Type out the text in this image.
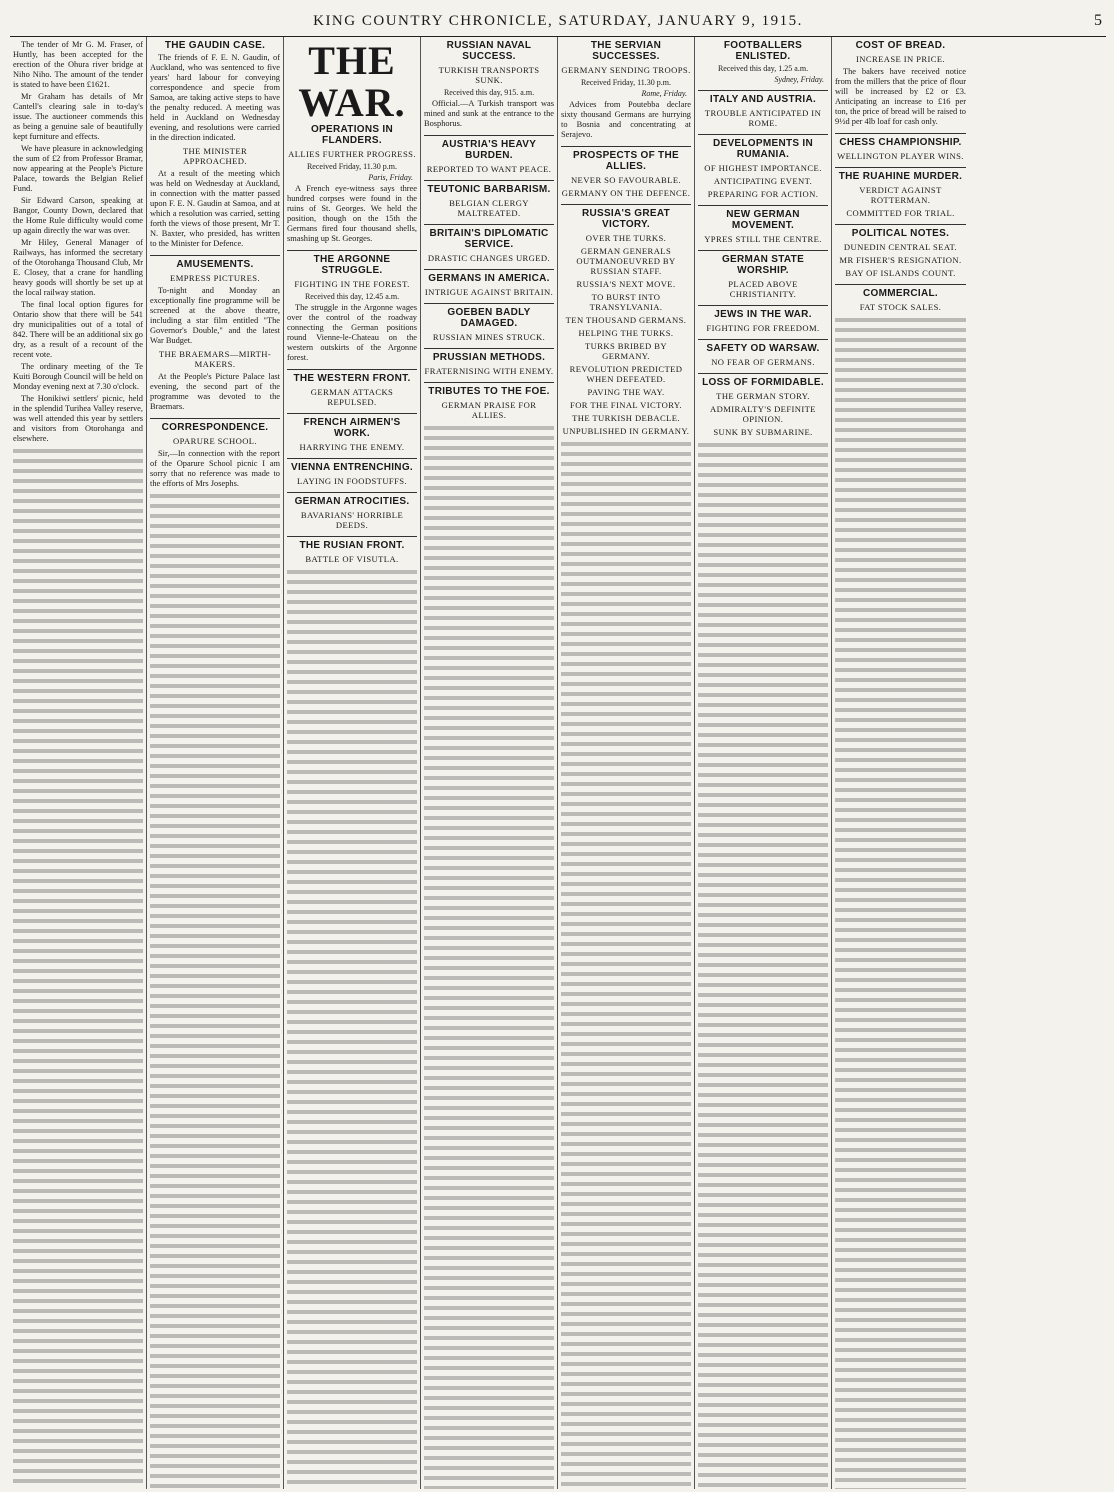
KING COUNTRY CHRONICLE, SATURDAY, JANUARY 9, 1915.	5

The tender of Mr G. M. Fraser, of Huntly, has been accepted for the erection of the Ohura river bridge at Niho Niho. The amount of the tender is stated to have been £1621.

Mr Graham has details of Mr Cantell's clearing sale in to-day's issue. The auctioneer commends this as being a genuine sale of beautifully kept furniture and effects.

We have pleasure in acknowledging the sum of £2 from Professor Bramar, now appearing at the People's Picture Palace, towards the Belgian Relief Fund.

Sir Edward Carson, speaking at Bangor, County Down, declared that the Home Rule difficulty would come up again directly the war was over.

Mr Hiley, General Manager of Railways, has informed the secretary of the Otorohanga Thousand Club, Mr E. Closey, that a crane for handling heavy goods will shortly be set up at the local railway station.

The final local option figures for Ontario show that there will be 541 dry municipalities out of a total of 842. There will be an additional six go dry, as a result of a recount of the recent vote.

The ordinary meeting of the Te Kuiti Borough Council will be held on Monday evening next at 7.30 o'clock.

The Honikiwi settlers' picnic, held in the splendid Turihea Valley reserve, was well attended this year by settlers and visitors from Otorohanga and elsewhere.

THE GAUDIN CASE.

The friends of F. E. N. Gaudin, of Auckland, who was sentenced to five years' hard labour for conveying correspondence and specie from Samoa, are taking active steps to have the penalty reduced. A meeting was held in Auckland on Wednesday evening, and resolutions were carried in the direction indicated.

THE MINISTER APPROACHED.

At a result of the meeting which was held on Wednesday at Auckland, in connection with the matter passed upon F. E. N. Gaudin at Samoa, and at which a resolution was carried, setting forth the views of those present, Mr T. N. Baxter, who presided, has written to the Minister for Defence.

AMUSEMENTS.
EMPRESS PICTURES.

To-night and Monday an exceptionally fine programme will be screened at the above theatre, including a star film entitled "The Governor's Double," and the latest War Budget.

THE BRAEMARS—MIRTH-MAKERS.

At the People's Picture Palace last evening, the second part of the programme was devoted to the Braemars.

CORRESPONDENCE.
OPARURE SCHOOL.

Sir,—In connection with the report of the Oparure School picnic I am sorry that no reference was made to the efforts of Mrs Josephs.

THE WAR.
OPERATIONS IN FLANDERS.
ALLIES FURTHER PROGRESS.
Received Friday, 11.30 p.m.
Paris, Friday.

A French eye-witness says three hundred corpses were found in the ruins of St. Georges. We held the position, though on the 15th the Germans fired four thousand shells, smashing up St. Georges.

THE ARGONNE STRUGGLE.
FIGHTING IN THE FOREST.
Received this day, 12.45 a.m.

The struggle in the Argonne wages over the control of the roadway connecting the German positions round Vienne-le-Chateau on the western outskirts of the Argonne forest.

THE WESTERN FRONT.
GERMAN ATTACKS REPULSED.
FRENCH AIRMEN'S WORK.
HARRYING THE ENEMY.
VIENNA ENTRENCHING.
LAYING IN FOODSTUFFS.
GERMAN ATROCITIES.
BAVARIANS' HORRIBLE DEEDS.
THE RUSIAN FRONT.
BATTLE OF VISUTLA.
RUSSIAN NAVAL SUCCESS.
TURKISH TRANSPORTS SUNK.
Received this day, 915. a.m.

Official.—A Turkish transport was mined and sunk at the entrance to the Bosphorus.

AUSTRIA'S HEAVY BURDEN.
REPORTED TO WANT PEACE.
TEUTONIC BARBARISM.
BELGIAN CLERGY MALTREATED.
BRITAIN'S DIPLOMATIC SERVICE.
DRASTIC CHANGES URGED.
GERMANS IN AMERICA.
INTRIGUE AGAINST BRITAIN.
GOEBEN BADLY DAMAGED.
RUSSIAN MINES STRUCK.
PRUSSIAN METHODS.
FRATERNISING WITH ENEMY.
TRIBUTES TO THE FOE.
GERMAN PRAISE FOR ALLIES.
THE SERVIAN SUCCESSES.
GERMANY SENDING TROOPS.
Received Friday, 11.30 p.m.
Rome, Friday.

Advices from Poutebba declare sixty thousand Germans are hurrying to Bosnia and concentrating at Serajevo.

PROSPECTS OF THE ALLIES.
NEVER SO FAVOURABLE.
GERMANY ON THE DEFENCE.
RUSSIA'S GREAT VICTORY.
OVER THE TURKS.
GERMAN GENERALS OUTMANOEUVRED BY RUSSIAN STAFF.
RUSSIA'S NEXT MOVE.
TO BURST INTO TRANSYLVANIA.
TEN THOUSAND GERMANS.
HELPING THE TURKS.
TURKS BRIBED BY GERMANY.
REVOLUTION PREDICTED WHEN DEFEATED.
PAVING THE WAY.
FOR THE FINAL VICTORY.
THE TURKISH DEBACLE.
UNPUBLISHED IN GERMANY.
FOOTBALLERS ENLISTED.
Received this day, 1.25 a.m.
Sydney, Friday.
ITALY AND AUSTRIA.
TROUBLE ANTICIPATED IN ROME.
DEVELOPMENTS IN RUMANIA.
OF HIGHEST IMPORTANCE.
ANTICIPATING EVENT.
PREPARING FOR ACTION.
NEW GERMAN MOVEMENT.
YPRES STILL THE CENTRE.
GERMAN STATE WORSHIP.
PLACED ABOVE CHRISTIANITY.
JEWS IN THE WAR.
FIGHTING FOR FREEDOM.
SAFETY OD WARSAW.
NO FEAR OF GERMANS.
LOSS OF FORMIDABLE.
THE GERMAN STORY.
ADMIRALTY'S DEFINITE OPINION.
SUNK BY SUBMARINE.
COST OF BREAD.
INCREASE IN PRICE.

The bakers have received notice from the millers that the price of flour will be increased by £2 or £3. Anticipating an increase to £16 per ton, the price of bread will be raised to 9½d per 4lb loaf for cash only.

CHESS CHAMPIONSHIP.
WELLINGTON PLAYER WINS.
THE RUAHINE MURDER.
VERDICT AGAINST ROTTERMAN.
COMMITTED FOR TRIAL.
POLITICAL NOTES.
DUNEDIN CENTRAL SEAT.
MR FISHER'S RESIGNATION.
BAY OF ISLANDS COUNT.
COMMERCIAL.
FAT STOCK SALES.
